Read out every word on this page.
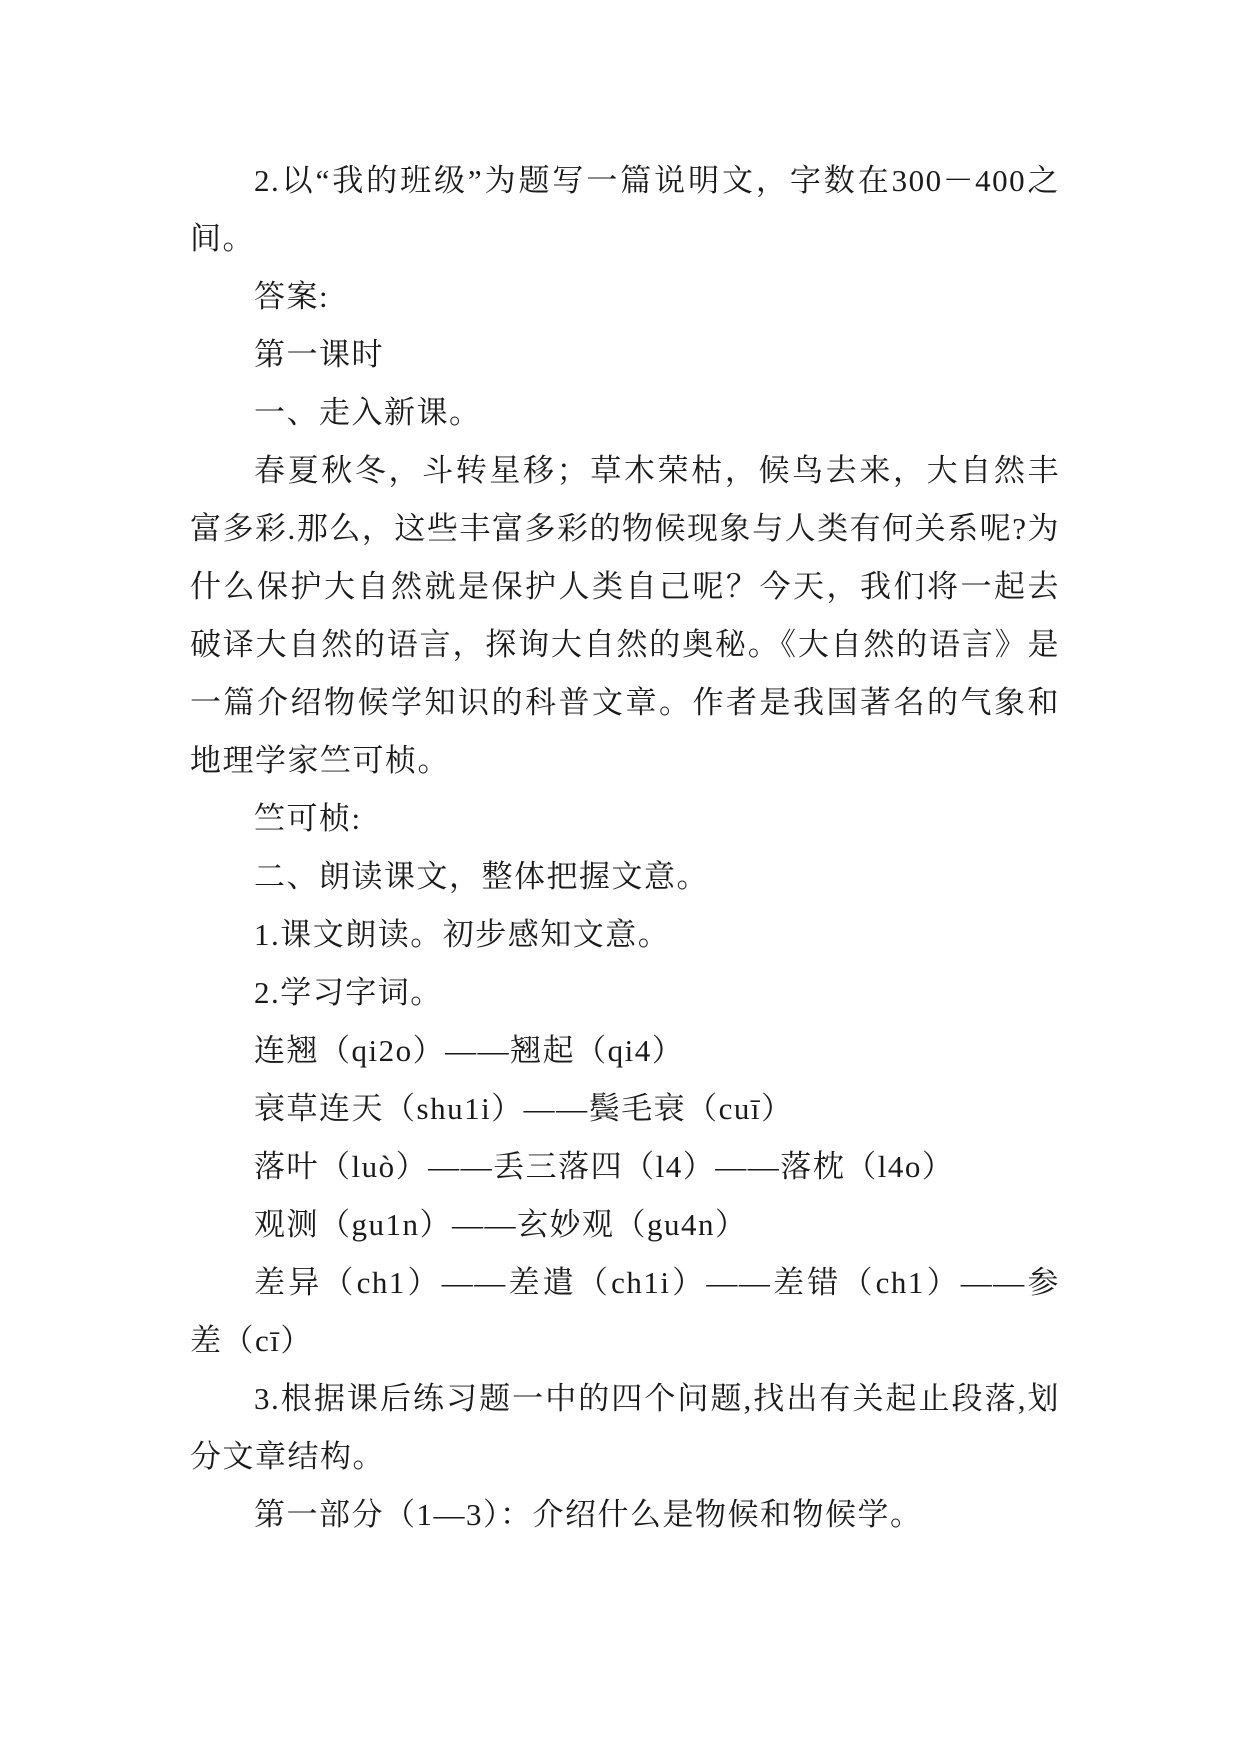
2.以“我的班级”为题写一篇说明文，字数在300－400之间。

答案:

第一课时

一、走入新课。

春夏秋冬，斗转星移；草木荣枯，候鸟去来，大自然丰富多彩.那么，这些丰富多彩的物候现象与人类有何关系呢?为什么保护大自然就是保护人类自己呢？今天，我们将一起去破译大自然的语言，探询大自然的奥秘。《大自然的语言》是一篇介绍物候学知识的科普文章。作者是我国著名的气象和地理学家竺可桢。

竺可桢:

二、朗读课文，整体把握文意。

1.课文朗读。初步感知文意。

2.学习字词。

连翘（qi2o）——翘起（qi4）

衰草连天（shu1i）——鬓毛衰（cuī）

落叶（luò）——丢三落四（l4）——落枕（l4o）

观测（gu1n）——玄妙观（gu4n）

差异（ch1）——差遣（ch1i）——差错（ch1）——参差（cī）

3.根据课后练习题一中的四个问题,找出有关起止段落,划分文章结构。

第一部分（1—3）：介绍什么是物候和物候学。
